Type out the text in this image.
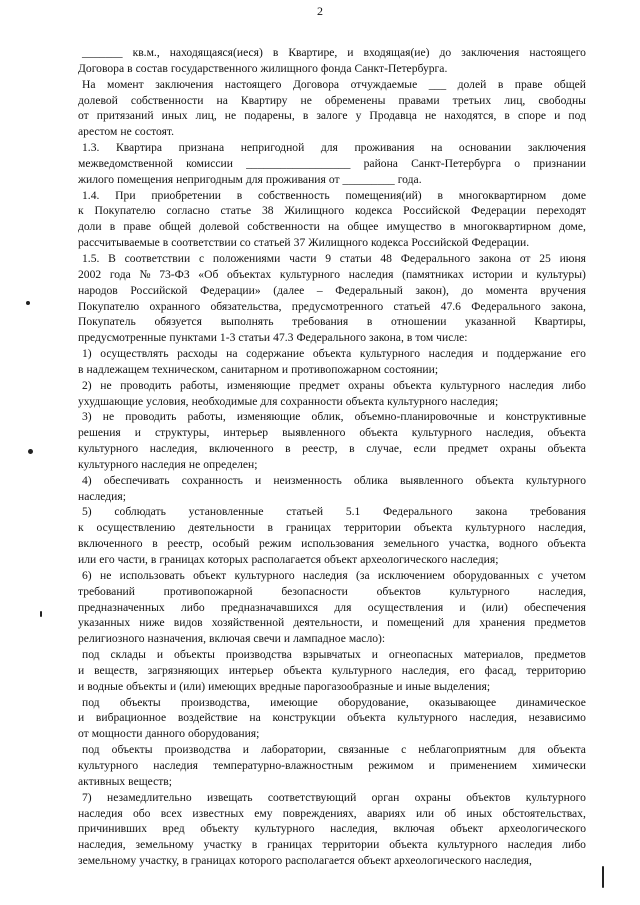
2
_______ кв.м., находящаяся(иеся) в Квартире, и входящая(ие) до заключения настоящего
Договора в состав государственного жилищного фонда Санкт-Петербурга.
На момент заключения настоящего Договора отчуждаемые ___ долей в праве общей
долевой собственности на Квартиру не обременены правами третьих лиц, свободны
от притязаний иных лиц, не подарены, в залоге у Продавца не находятся, в споре и под
арестом не состоят.
1.3. Квартира признана непригодной для проживания на основании заключения
межведомственной комиссии __________________ района Санкт-Петербурга о признании
жилого помещения непригодным для проживания от _________ года.
1.4. При приобретении в собственность помещения(ий) в многоквартирном доме
к Покупателю согласно статье 38 Жилищного кодекса Российской Федерации переходят
доли в праве общей долевой собственности на общее имущество в многоквартирном доме,
рассчитываемые в соответствии со статьей 37 Жилищного кодекса Российской Федерации.
1.5. В соответствии с положениями части 9 статьи 48 Федерального закона от 25 июня
2002 года № 73-ФЗ «Об объектах культурного наследия (памятниках истории и культуры)
народов Российской Федерации» (далее – Федеральный закон), до момента вручения
Покупателю охранного обязательства, предусмотренного статьей 47.6 Федерального закона,
Покупатель обязуется выполнять требования в отношении указанной Квартиры,
предусмотренные пунктами 1-3 статьи 47.3 Федерального закона, в том числе:
1) осуществлять расходы на содержание объекта культурного наследия и поддержание его
в надлежащем техническом, санитарном и противопожарном состоянии;
2) не проводить работы, изменяющие предмет охраны объекта культурного наследия либо
ухудшающие условия, необходимые для сохранности объекта культурного наследия;
3) не проводить работы, изменяющие облик, объемно-планировочные и конструктивные
решения и структуры, интерьер выявленного объекта культурного наследия, объекта
культурного наследия, включенного в реестр, в случае, если предмет охраны объекта
культурного наследия не определен;
4) обеспечивать сохранность и неизменность облика выявленного объекта культурного
наследия;
5) соблюдать установленные статьей 5.1 Федерального закона требования
к осуществлению деятельности в границах территории объекта культурного наследия,
включенного в реестр, особый режим использования земельного участка, водного объекта
или его части, в границах которых располагается объект археологического наследия;
6) не использовать объект культурного наследия (за исключением оборудованных с учетом
требований противопожарной безопасности объектов культурного наследия,
предназначенных либо предназначавшихся для осуществления и (или) обеспечения
указанных ниже видов хозяйственной деятельности, и помещений для хранения предметов
религиозного назначения, включая свечи и лампадное масло):
под склады и объекты производства взрывчатых и огнеопасных материалов, предметов
и веществ, загрязняющих интерьер объекта культурного наследия, его фасад, территорию
и водные объекты и (или) имеющих вредные парогазообразные и иные выделения;
под объекты производства, имеющие оборудование, оказывающее динамическое
и вибрационное воздействие на конструкции объекта культурного наследия, независимо
от мощности данного оборудования;
под объекты производства и лаборатории, связанные с неблагоприятным для объекта
культурного наследия температурно-влажностным режимом и применением химически
активных веществ;
7) незамедлительно извещать соответствующий орган охраны объектов культурного
наследия обо всех известных ему повреждениях, авариях или об иных обстоятельствах,
причинивших вред объекту культурного наследия, включая объект археологического
наследия, земельному участку в границах территории объекта культурного наследия либо
земельному участку, в границах которого располагается объект археологического наследия,
